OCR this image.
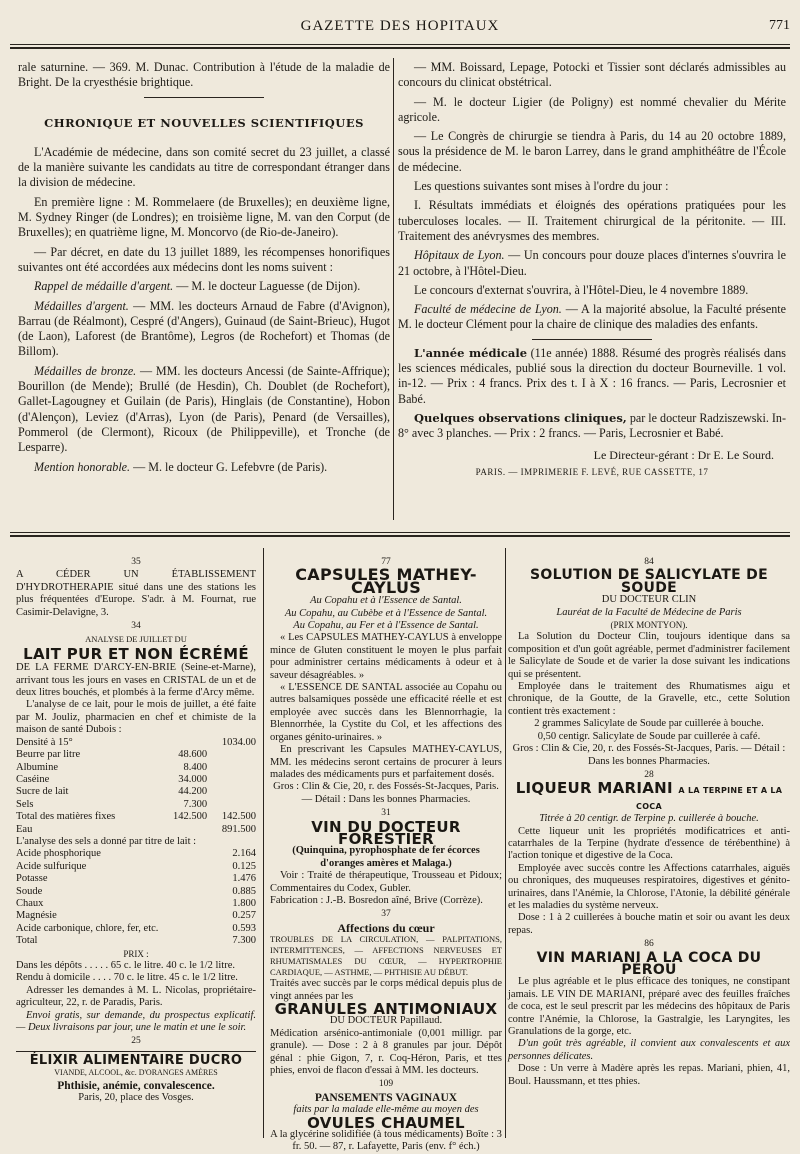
GAZETTE DES HOPITAUX	771

rale saturnine. — 369. M. Dunac. Contribution à l'étude de la maladie de Bright. De la cryesthésie brightique.

CHRONIQUE ET NOUVELLES SCIENTIFIQUES

L'Académie de médecine, dans son comité secret du 23 juillet, a classé de la manière suivante les candidats au titre de correspondant étranger dans la division de médecine.

En première ligne : M. Rommelaere (de Bruxelles); en deuxième ligne, M. Sydney Ringer (de Londres); en troisième ligne, M. van den Corput (de Bruxelles); en quatrième ligne, M. Moncorvo (de Rio-de-Janeiro).

— Par décret, en date du 13 juillet 1889, les récompenses honorifiques suivantes ont été accordées aux médecins dont les noms suivent :

Rappel de médaille d'argent. — M. le docteur Laguesse (de Dijon).

Médailles d'argent. — MM. les docteurs Arnaud de Fabre (d'Avignon), Barrau (de Réalmont), Cespré (d'Angers), Guinaud (de Saint-Brieuc), Hugot (de Laon), Laforest (de Brantôme), Legros (de Rochefort) et Thomas (de Billom).

Médailles de bronze. — MM. les docteurs Ancessi (de Sainte-Affrique); Bourillon (de Mende); Brullé (de Hesdin), Ch. Doublet (de Rochefort), Gallet-Lagougney et Guilain (de Paris), Hinglais (de Constantine), Hobon (d'Alençon), Leviez (d'Arras), Lyon (de Paris), Penard (de Versailles), Pommerol (de Clermont), Ricoux (de Philippeville), et Tronche (de Lesparre).

Mention honorable. — M. le docteur G. Lefebvre (de Paris).

— MM. Boissard, Lepage, Potocki et Tissier sont déclarés admissibles au concours du clinicat obstétrical.

— M. le docteur Ligier (de Poligny) est nommé chevalier du Mérite agricole.

— Le Congrès de chirurgie se tiendra à Paris, du 14 au 20 octobre 1889, sous la présidence de M. le baron Larrey, dans le grand amphithéâtre de l'École de médecine.

Les questions suivantes sont mises à l'ordre du jour :

I. Résultats immédiats et éloignés des opérations pratiquées pour les tuberculoses locales. — II. Traitement chirurgical de la péritonite. — III. Traitement des anévrysmes des membres.

Hôpitaux de Lyon. — Un concours pour douze places d'internes s'ouvrira le 21 octobre, à l'Hôtel-Dieu.

Le concours d'externat s'ouvrira, à l'Hôtel-Dieu, le 4 novembre 1889.

Faculté de médecine de Lyon. — A la majorité absolue, la Faculté présente M. le docteur Clément pour la chaire de clinique des maladies des enfants.

L'année médicale (11e année) 1888. Résumé des progrès réalisés dans les sciences médicales, publié sous la direction du docteur Bourneville. 1 vol. in-12. — Prix : 4 francs. Prix des t. I à X : 16 francs. — Paris, Lecrosnier et Babé.

Quelques observations cliniques, par le docteur Radziszewski. In-8° avec 3 planches. — Prix : 2 francs. — Paris, Lecrosnier et Babé.

Le Directeur-gérant : Dr E. Le Sourd.
PARIS. — IMPRIMERIE F. LEVÉ, RUE CASSETTE, 17
35
A CÉDER UN ÉTABLISSEMENT D'HYDROTHERAPIE situé dans une des stations les plus fréquentées d'Europe. S'adr. à M. Fournat, rue Casimir-Delavigne, 3.
34
ANALYSE DE JUILLET DU
LAIT PUR ET NON ÉCRÉMÉ
DE LA FERME D'ARCY-EN-BRIE (Seine-et-Marne), arrivant tous les jours en vases en CRISTAL de un et de deux litres bouchés, et plombés à la ferme d'Arcy même.
L'analyse de ce lait, pour le mois de juillet, a été faite par M. Jouliz, pharmacien en chef et chimiste de la maison de santé Dubois :
Densité à 15°		1034.00
Beurre par litre	48.600	
Albumine	8.400	
Caséine	34.000	
Sucre de lait	44.200	
Sels	7.300	
Total des matières fixes	142.500	142.500
Eau		891.500
L'analyse des sels a donné par titre de lait :
Acide phosphorique	2.164
Acide sulfurique	0.125
Potasse	1.476
Soude	0.885
Chaux	1.800
Magnésie	0.257
Acide carbonique, chlore, fer, etc.	0.593
Total	7.300
PRIX :
Dans les dépôts . . . . . 65 c. le litre. 40 c. le 1/2 litre.
Rendu à domicile . . . . 70 c. le litre. 45 c. le 1/2 litre.
Adresser les demandes à M. L. Nicolas, propriétaire-agriculteur, 22, r. de Paradis, Paris.
Envoi gratis, sur demande, du prospectus explicatif. — Deux livraisons par jour, une le matin et une le soir.
25
ÉLIXIR ALIMENTAIRE DUCRO
VIANDE, ALCOOL, &c. D'ORANGES AMÈRES
Phthisie, anémie, convalescence.
Paris, 20, place des Vosges.
77
CAPSULES MATHEY-CAYLUS
Au Copahu et à l'Essence de Santal.
Au Copahu, au Cubèbe et à l'Essence de Santal.
Au Copahu, au Fer et à l'Essence de Santal.
« Les CAPSULES MATHEY-CAYLUS à enveloppe mince de Gluten constituent le moyen le plus parfait pour administrer certains médicaments à odeur et à saveur désagréables. »
« L'ESSENCE DE SANTAL associée au Copahu ou autres balsamiques possède une efficacité réelle et est employée avec succès dans les Blennorrhagie, la Blennorrhée, la Cystite du Col, et les affections des organes génito-urinaires. »
En prescrivant les Capsules MATHEY-CAYLUS, MM. les médecins seront certains de procurer à leurs malades des médicaments purs et parfaitement dosés.
Gros : Clin & Cie, 20, r. des Fossés-St-Jacques, Paris. — Détail : Dans les bonnes Pharmacies.
31
VIN DU DOCTEUR FORESTIER
(Quinquina, pyrophosphate de fer écorces d'oranges amères et Malaga.)
Voir : Traité de thérapeutique, Trousseau et Pidoux; Commentaires du Codex, Gubler.
Fabrication : J.-B. Bosredon aîné, Brive (Corrèze).
37
Affections du cœur
TROUBLES DE LA CIRCULATION, — PALPITATIONS, INTERMITTENCES, — AFFECTIONS NERVEUSES ET RHUMATISMALES DU CŒUR, — HYPERTROPHIE CARDIAQUE, — ASTHME, — PHTHISIE AU DÉBUT.
Traités avec succès par le corps médical depuis plus de vingt années par les
GRANULES ANTIMONIAUX
DU DOCTEUR Papillaud.
Médication arsénico-antimoniale (0,001 milligr. par granule). — Dose : 2 à 8 granules par jour. Dépôt génal : phie Gigon, 7, r. Coq-Héron, Paris, et ttes phies, envoi de flacon d'essai à MM. les docteurs.
109
PANSEMENTS VAGINAUX
faits par la malade elle-même au moyen des
OVULES CHAUMEL
A la glycérine solidifiée (à tous médicaments) Boîte : 3 fr. 50. — 87, r. Lafayette, Paris (env. f° éch.)
84
SOLUTION DE SALICYLATE DE SOUDE
DU DOCTEUR CLIN
Lauréat de la Faculté de Médecine de Paris
(PRIX MONTYON).
La Solution du Docteur Clin, toujours identique dans sa composition et d'un goût agréable, permet d'administrer facilement le Salicylate de Soude et de varier la dose suivant les indications qui se présentent.
Employée dans le traitement des Rhumatismes aigu et chronique, de la Goutte, de la Gravelle, etc., cette Solution contient très exactement :
2 grammes Salicylate de Soude par cuillerée à bouche.
0,50 centigr. Salicylate de Soude par cuillerée à café.
Gros : Clin & Cie, 20, r. des Fossés-St-Jacques, Paris. — Détail : Dans les bonnes Pharmacies.
28
LIQUEUR MARIANI A LA TERPINE ET A LA COCA
Titrée à 20 centigr. de Terpine p. cuillerée à bouche.
Cette liqueur unit les propriétés modificatrices et anti-catarrhales de la Terpine (hydrate d'essence de térébenthine) à l'action tonique et digestive de la Coca.
Employée avec succès contre les Affections catarrhales, aiguës ou chroniques, des muqueuses respiratoires, digestives et génito-urinaires, dans l'Anémie, la Chlorose, l'Atonie, la débilité générale et les maladies du système nerveux.
Dose : 1 à 2 cuillerées à bouche matin et soir ou avant les deux repas.
86
VIN MARIANI A LA COCA DU PÉROU
Le plus agréable et le plus efficace des toniques, ne constipant jamais. LE VIN DE MARIANI, préparé avec des feuilles fraîches de coca, est le seul prescrit par les médecins des hôpitaux de Paris contre l'Anémie, la Chlorose, la Gastralgie, les Laryngites, les Granulations de la gorge, etc.
D'un goût très agréable, il convient aux convalescents et aux personnes délicates.
Dose : Un verre à Madère après les repas. Mariani, phien, 41, Boul. Haussmann, et ttes phies.
